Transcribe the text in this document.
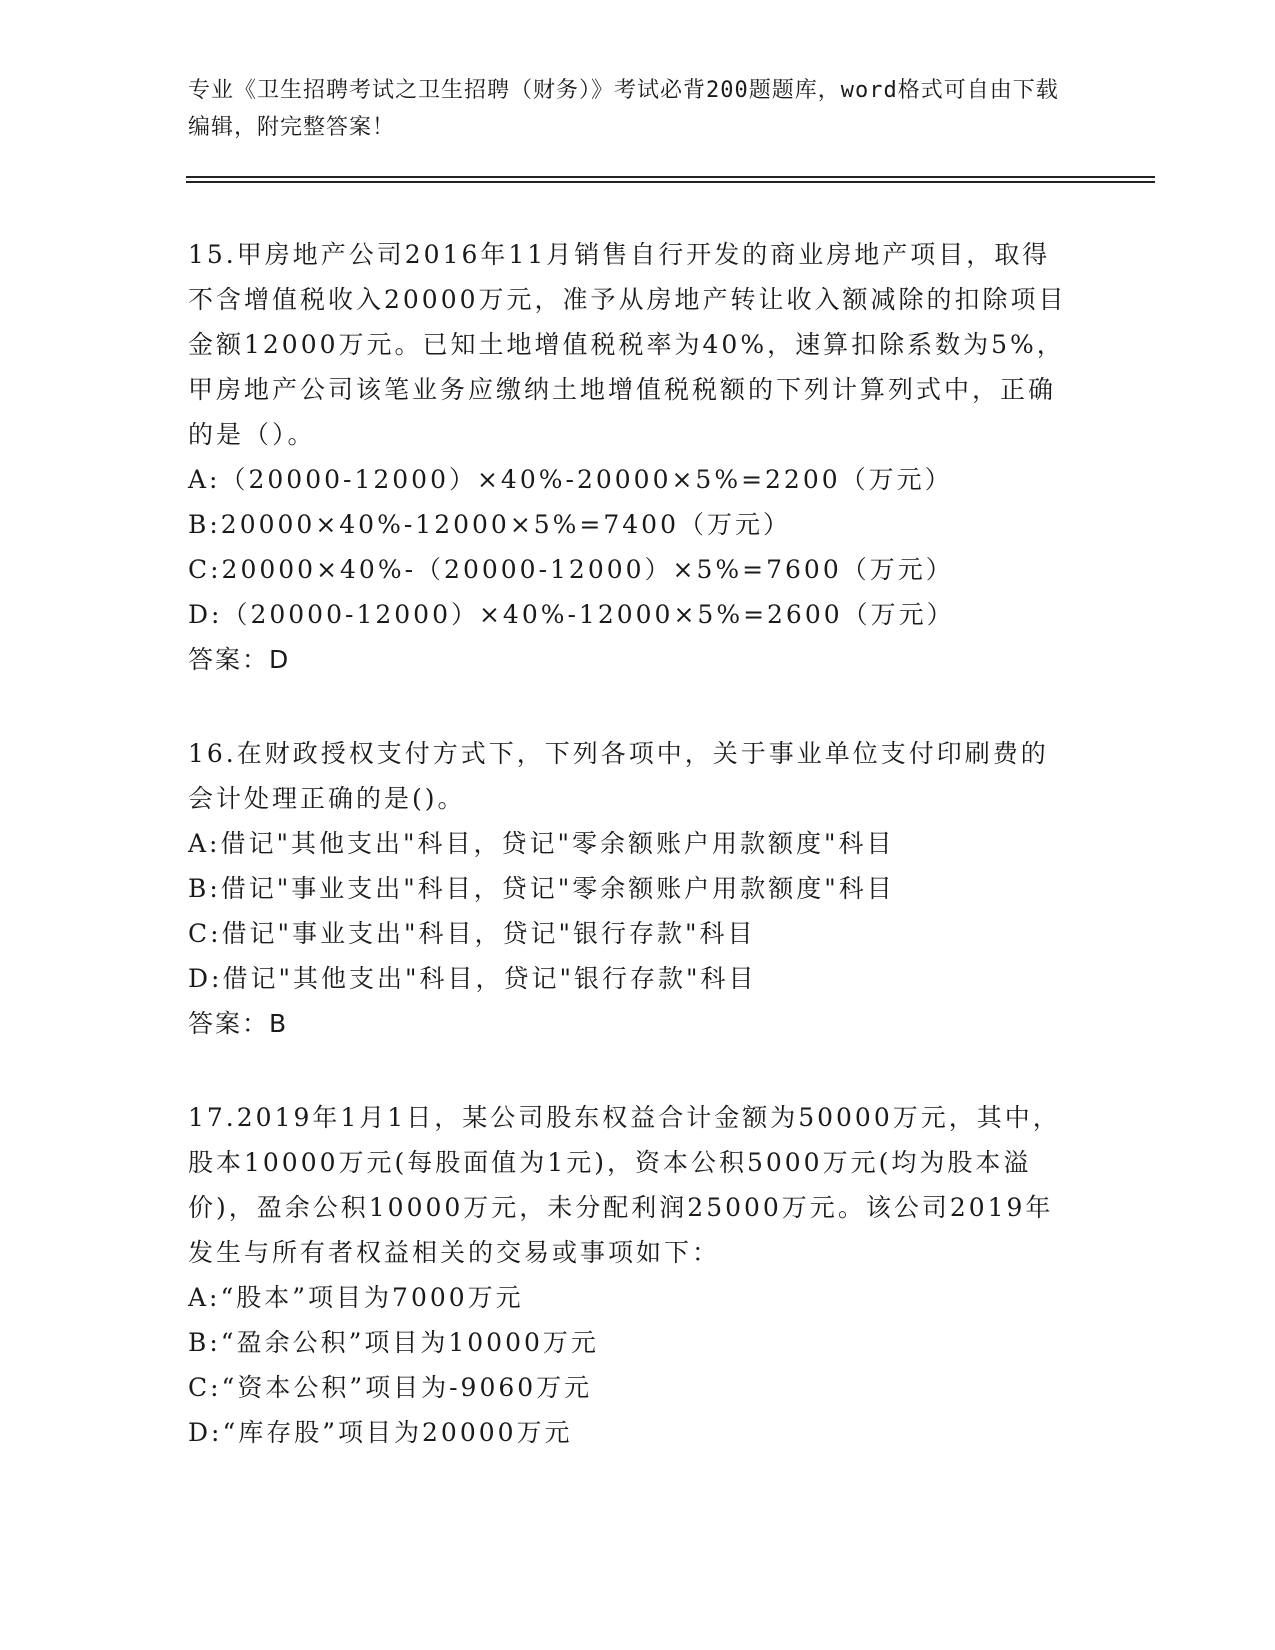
专业《卫生招聘考试之卫生招聘（财务）》考试必背200题题库，word格式可自由下载编辑，附完整答案！
15.甲房地产公司2016年11月销售自行开发的商业房地产项目，取得不含增值税收入20000万元，准予从房地产转让收入额减除的扣除项目金额12000万元。已知土地增值税税率为40%，速算扣除系数为5%，甲房地产公司该笔业务应缴纳土地增值税税额的下列计算列式中，正确的是（）。
A:（20000-12000）×40%-20000×5%=2200（万元）
B:20000×40%-12000×5%=7400（万元）
C:20000×40%-（20000-12000）×5%=7600（万元）
D:（20000-12000）×40%-12000×5%=2600（万元）
答案：D
16.在财政授权支付方式下，下列各项中，关于事业单位支付印刷费的会计处理正确的是()。
A:借记"其他支出"科目，贷记"零余额账户用款额度"科目
B:借记"事业支出"科目，贷记"零余额账户用款额度"科目
C:借记"事业支出"科目，贷记"银行存款"科目
D:借记"其他支出"科目，贷记"银行存款"科目
答案：B
17.2019年1月1日，某公司股东权益合计金额为50000万元，其中，股本10000万元(每股面值为1元)，资本公积5000万元(均为股本溢价)，盈余公积10000万元，未分配利润25000万元。该公司2019年发生与所有者权益相关的交易或事项如下：
A:“股本”项目为7000万元
B:“盈余公积”项目为10000万元
C:“资本公积”项目为-9060万元
D:“库存股”项目为20000万元
